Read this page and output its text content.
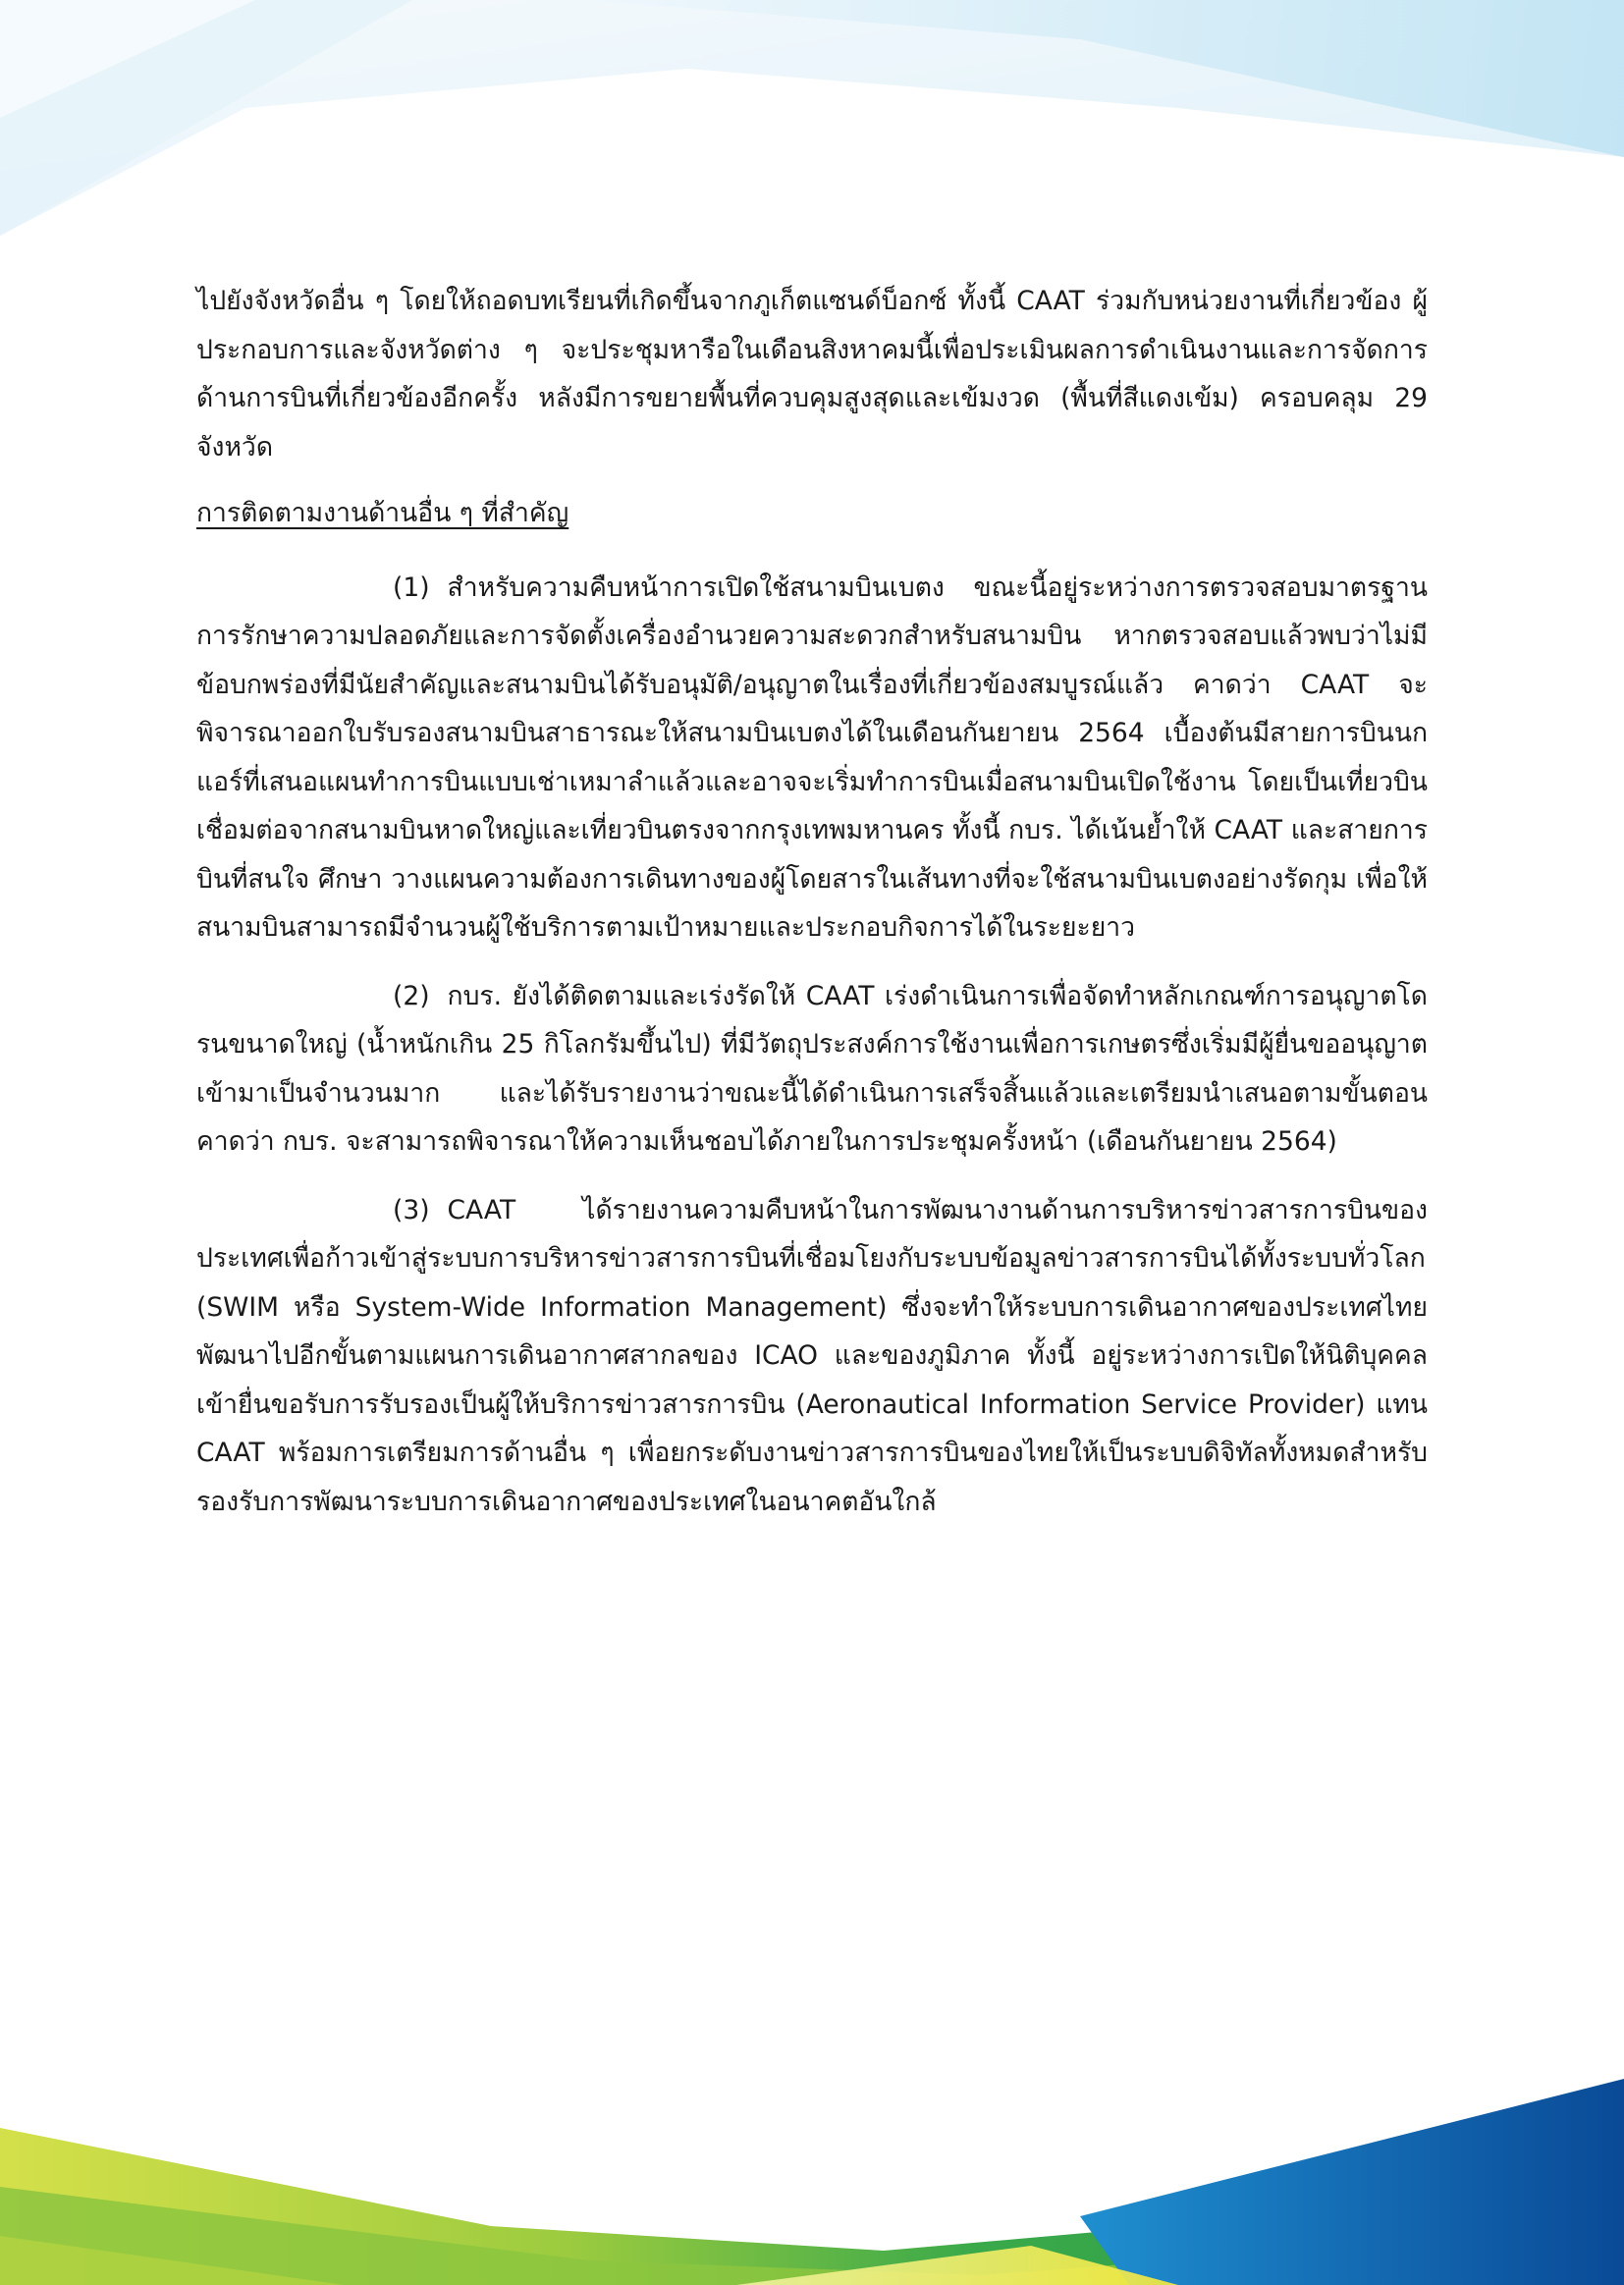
ไปยังจังหวัดอื่น ๆ โดยให้ถอดบทเรียนที่เกิดขึ้นจากภูเก็ตแซนด์บ็อกซ์ ทั้งนี้ CAAT ร่วมกับหน่วยงานที่เกี่ยวข้อง ผู้ประกอบการและจังหวัดต่าง ๆ จะประชุมหารือในเดือนสิงหาคมนี้เพื่อประเมินผลการดำเนินงานและการจัดการด้านการบินที่เกี่ยวข้องอีกครั้ง หลังมีการขยายพื้นที่ควบคุมสูงสุดและเข้มงวด (พื้นที่สีแดงเข้ม) ครอบคลุม 29 จังหวัด

การติดตามงานด้านอื่น ๆ ที่สำคัญ

(1) สำหรับความคืบหน้าการเปิดใช้สนามบินเบตง ขณะนี้อยู่ระหว่างการตรวจสอบมาตรฐานการรักษาความปลอดภัยและการจัดตั้งเครื่องอำนวยความสะดวกสำหรับสนามบิน หากตรวจสอบแล้วพบว่าไม่มีข้อบกพร่องที่มีนัยสำคัญและสนามบินได้รับอนุมัติ/อนุญาตในเรื่องที่เกี่ยวข้องสมบูรณ์แล้ว คาดว่า CAAT จะพิจารณาออกใบรับรองสนามบินสาธารณะให้สนามบินเบตงได้ในเดือนกันยายน 2564 เบื้องต้นมีสายการบินนกแอร์ที่เสนอแผนทำการบินแบบเช่าเหมาลำแล้วและอาจจะเริ่มทำการบินเมื่อสนามบินเปิดใช้งาน โดยเป็นเที่ยวบินเชื่อมต่อจากสนามบินหาดใหญ่และเที่ยวบินตรงจากกรุงเทพมหานคร ทั้งนี้ กบร. ได้เน้นย้ำให้ CAAT และสายการบินที่สนใจ ศึกษา วางแผนความต้องการเดินทางของผู้โดยสารในเส้นทางที่จะใช้สนามบินเบตงอย่างรัดกุม เพื่อให้สนามบินสามารถมีจำนวนผู้ใช้บริการตามเป้าหมายและประกอบกิจการได้ในระยะยาว

(2) กบร. ยังได้ติดตามและเร่งรัดให้ CAAT เร่งดำเนินการเพื่อจัดทำหลักเกณฑ์การอนุญาตโดรนขนาดใหญ่ (น้ำหนักเกิน 25 กิโลกรัมขึ้นไป) ที่มีวัตถุประสงค์การใช้งานเพื่อการเกษตรซึ่งเริ่มมีผู้ยื่นขออนุญาตเข้ามาเป็นจำนวนมาก และได้รับรายงานว่าขณะนี้ได้ดำเนินการเสร็จสิ้นแล้วและเตรียมนำเสนอตามขั้นตอน คาดว่า กบร. จะสามารถพิจารณาให้ความเห็นชอบได้ภายในการประชุมครั้งหน้า (เดือนกันยายน 2564)

(3) CAAT ได้รายงานความคืบหน้าในการพัฒนางานด้านการบริหารข่าวสารการบินของประเทศเพื่อก้าวเข้าสู่ระบบการบริหารข่าวสารการบินที่เชื่อมโยงกับระบบข้อมูลข่าวสารการบินได้ทั้งระบบทั่วโลก (SWIM หรือ System-Wide Information Management) ซึ่งจะทำให้ระบบการเดินอากาศของประเทศไทยพัฒนาไปอีกขั้นตามแผนการเดินอากาศสากลของ ICAO และของภูมิภาค ทั้งนี้ อยู่ระหว่างการเปิดให้นิติบุคคลเข้ายื่นขอรับการรับรองเป็นผู้ให้บริการข่าวสารการบิน (Aeronautical Information Service Provider) แทน CAAT พร้อมการเตรียมการด้านอื่น ๆ เพื่อยกระดับงานข่าวสารการบินของไทยให้เป็นระบบดิจิทัลทั้งหมดสำหรับรองรับการพัฒนาระบบการเดินอากาศของประเทศในอนาคตอันใกล้
